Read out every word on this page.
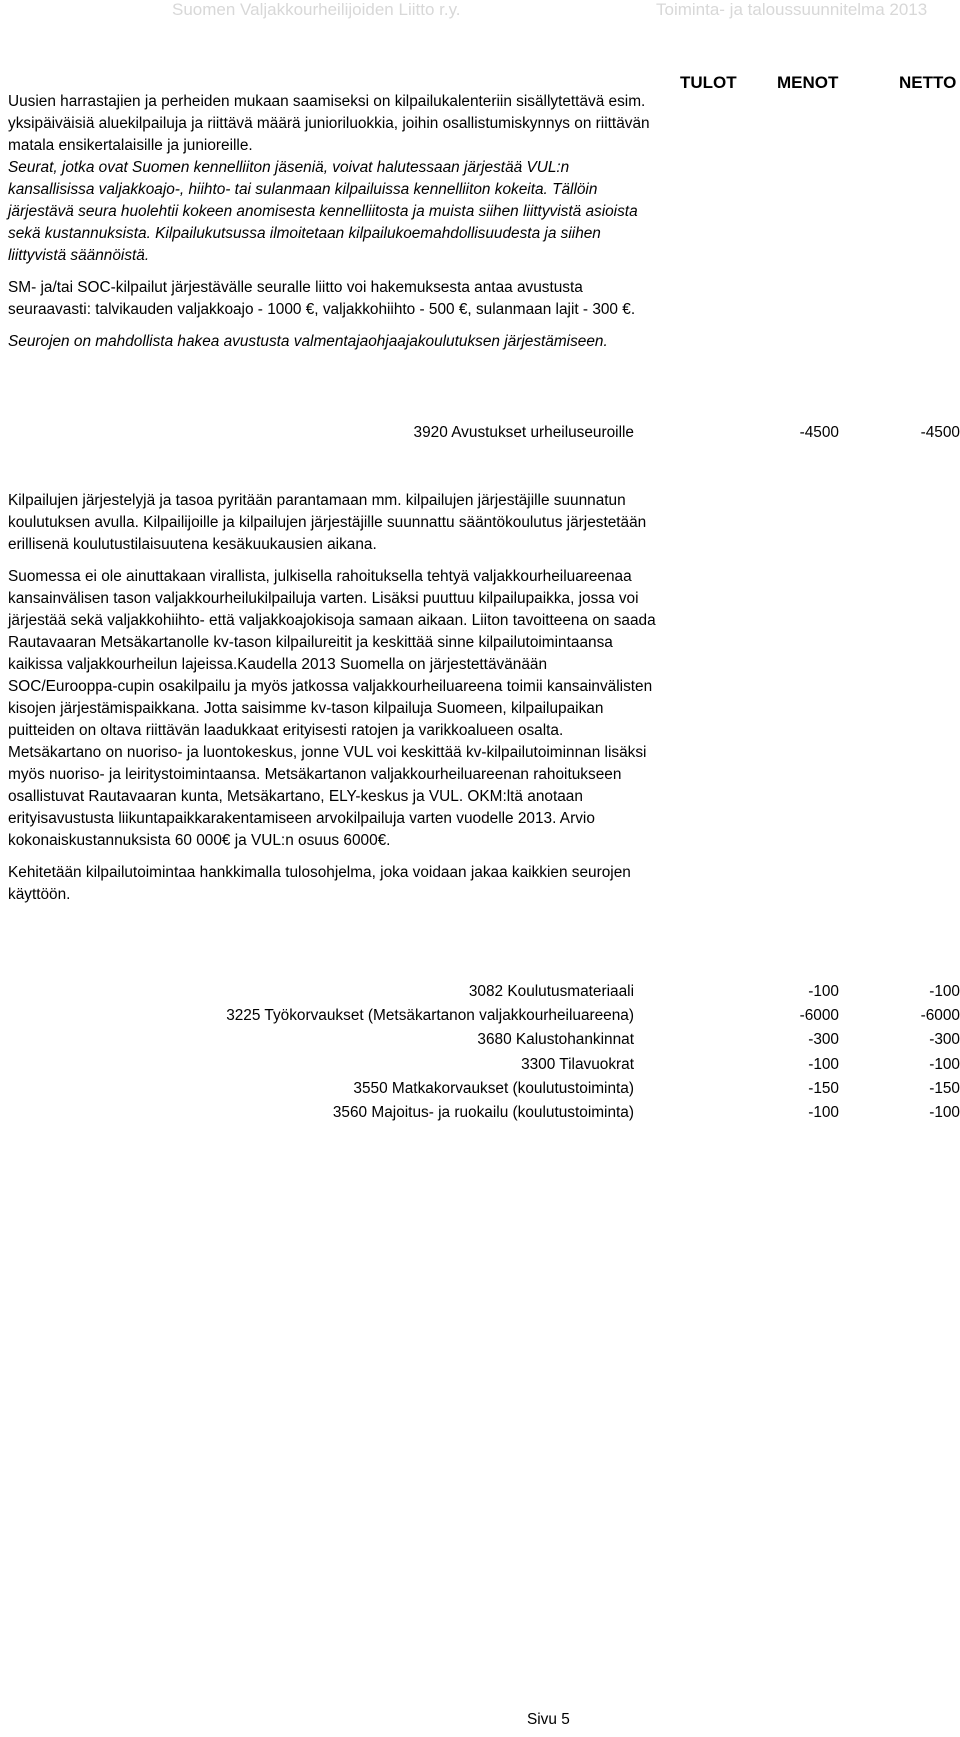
Suomen Valjakkourheilijoiden Liitto r.y.	Toiminta- ja taloussuunnitelma 2013
TULOT MENOT	NETTO

Uusien harrastajien ja perheiden mukaan saamiseksi on kilpailukalenteriin sisällytettävä esim. yksipäiväisiä aluekilpailuja ja riittävä määrä junioriluokkia, joihin osallistumiskynnys on riittävän matala ensikertalaisille ja junioreille.

Seurat, jotka ovat Suomen kennelliiton jäseniä, voivat halutessaan järjestää VUL:n kansallisissa valjakkoajo-, hiihto- tai sulanmaan kilpailuissa kennelliiton kokeita. Tällöin järjestävä seura huolehtii kokeen anomisesta kennelliitosta ja muista siihen liittyvistä asioista sekä kustannuksista. Kilpailukutsussa ilmoitetaan kilpailukoemahdollisuudesta ja siihen liittyvistä säännöistä.

SM- ja/tai SOC-kilpailut järjestävälle seuralle liitto voi hakemuksesta antaa avustusta seuraavasti: talvikauden valjakkoajo - 1000 €, valjakkohiihto - 500 €, sulanmaan lajit - 300 €.

Seurojen on mahdollista hakea avustusta valmentajaohjaajakoulutuksen järjestämiseen.

3920 Avustukset urheiluseuroille	-4500	-4500

Kilpailujen järjestelyjä ja tasoa pyritään parantamaan mm. kilpailujen järjestäjille suunnatun koulutuksen avulla. Kilpailijoille ja kilpailujen järjestäjille suunnattu sääntökoulutus järjestetään erillisenä koulutustilaisuutena kesäkuukausien aikana.

Suomessa ei ole ainuttakaan virallista, julkisella rahoituksella tehtyä valjakkourheiluareenaa kansainvälisen tason valjakkourheilukilpailuja varten. Lisäksi puuttuu kilpailupaikka, jossa voi järjestää sekä valjakkohiihto- että valjakkoajokisoja samaan aikaan. Liiton tavoitteena on saada Rautavaaran Metsäkartanolle kv-tason kilpailureitit ja keskittää sinne kilpailutoimintaansa kaikissa valjakkourheilun lajeissa.Kaudella 2013 Suomella on järjestettävänään SOC/Eurooppa-cupin osakilpailu ja myös jatkossa valjakkourheiluareena toimii kansainvälisten kisojen järjestämispaikkana. Jotta saisimme kv-tason kilpailuja Suomeen, kilpailupaikan puitteiden on oltava riittävän laadukkaat erityisesti ratojen ja varikkoalueen osalta. Metsäkartano on nuoriso- ja luontokeskus, jonne VUL voi keskittää kv-kilpailutoiminnan lisäksi myös nuoriso- ja leiritystoimintaansa. Metsäkartanon valjakkourheiluareenan rahoitukseen osallistuvat Rautavaaran kunta, Metsäkartano, ELY-keskus ja VUL. OKM:ltä anotaan erityisavustusta liikuntapaikkarakentamiseen arvokilpailuja varten vuodelle 2013. Arvio kokonaiskustannuksista 60 000€ ja VUL:n osuus 6000€.

Kehitetään kilpailutoimintaa hankkimalla tulosohjelma, joka voidaan jakaa kaikkien seurojen käyttöön.

3082 Koulutusmateriaali	-100	-100
3225 Työkorvaukset (Metsäkartanon valjakkourheiluareena)	-6000	-6000
3680 Kalustohankinnat	-300	-300
3300 Tilavuokrat	-100	-100
3550 Matkakorvaukset (koulutustoiminta)	-150	-150
3560 Majoitus- ja ruokailu (koulutustoiminta)	-100	-100
Sivu 5
